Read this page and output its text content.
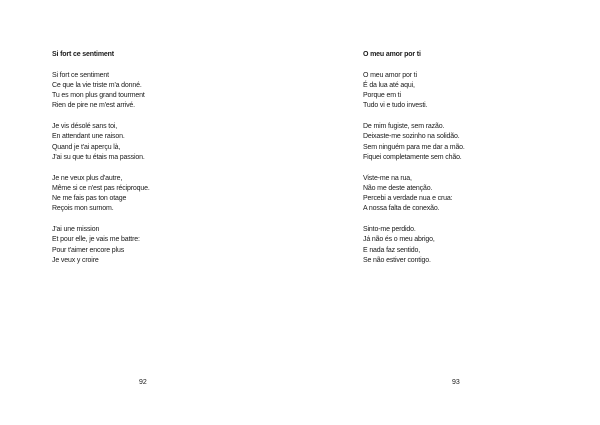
Si fort ce sentiment
Si fort ce sentiment
Ce que la vie triste m'a donné.
Tu es mon plus grand tourment
Rien de pire ne m'est arrivé.
Je vis désolé sans toi,
En attendant une raison.
Quand je t'ai aperçu là,
J'ai su que tu étais ma passion.
Je ne veux plus d'autre,
Même si ce n'est pas réciproque.
Ne me fais pas ton otage
Reçois mon surnom.
J'ai une mission
Et pour elle, je vais me battre:
Pour t'aimer encore plus
Je veux y croire
92
O meu amor por ti
O meu amor por ti
É da lua até aqui,
Porque em ti
Tudo vi e tudo investi.
De mim fugiste, sem razão.
Deixaste-me sozinho na solidão.
Sem ninguém para me dar a mão.
Fiquei completamente sem chão.
Viste-me na rua,
Não me deste atenção.
Percebi a verdade nua e crua:
A nossa falta de conexão.
Sinto-me perdido.
Já não és o meu abrigo,
E nada faz sentido,
Se não estiver contigo.
93
